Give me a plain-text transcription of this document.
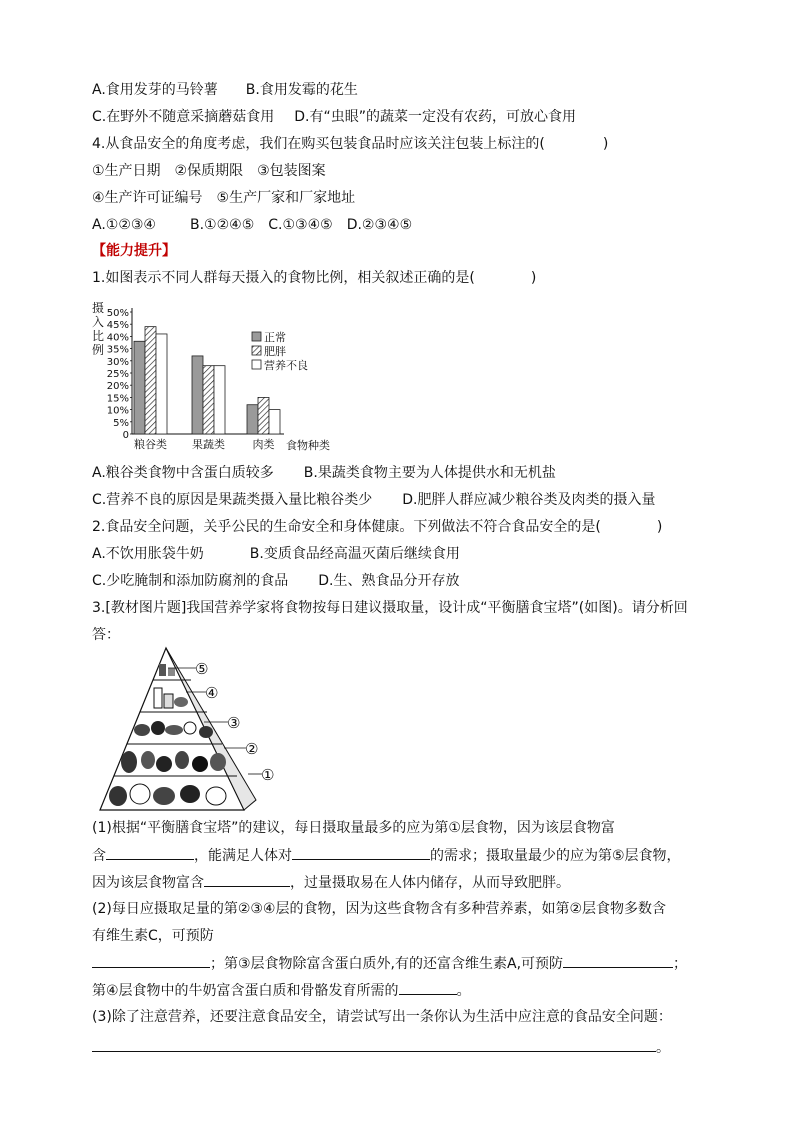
A.食用发芽的马铃薯 B.食用发霉的花生
C.在野外不随意采摘蘑菇食用 D.有“虫眼”的蔬菜一定没有农药，可放心食用
4.从食品安全的角度考虑，我们在购买包装食品时应该关注包装上标注的(	)
①生产日期　②保质期限　③包装图案
④生产许可证编号　⑤生产厂家和厂家地址
A.①②③④ B.①②④⑤ C.①③④⑤ D.②③④⑤
【能力提升】
1.如图表示不同人群每天摄入的食物比例，相关叙述正确的是(	)
摄
入
比
例
0
5%
10%
15%
20%
25%
30%
35%
40%
45%
50%
粮谷类 果蔬类	肉类
正常
肥胖
营养不良
食物种类
A.粮谷类食物中含蛋白质较多 B.果蔬类食物主要为人体提供水和无机盐
C.营养不良的原因是果蔬类摄入量比粮谷类少 D.肥胖人群应减少粮谷类及肉类的摄入量
2.食品安全问题，关乎公民的生命安全和身体健康。下列做法不符合食品安全的是(	)
A.不饮用胀袋牛奶	B.变质食品经高温灭菌后继续食用
C.少吃腌制和添加防腐剂的食品 D.生、熟食品分开存放
3.[教材图片题]我国营养学家将食物按每日建议摄取量，设计成“平衡膳食宝塔”(如图)。请分析回
答：
⑤
④
③
②
①
(1)根据“平衡膳食宝塔”的建议，每日摄取量最多的应为第①层食物，因为该层食物富
含	，能满足人体对	的需求；摄取量最少的应为第⑤层食物，
因为该层食物富含	，过量摄取易在人体内储存，从而导致肥胖。
(2)每日应摄取足量的第②③④层的食物，因为这些食物含有多种营养素，如第②层食物多数含
有维生素C，可预防
；第③层食物除富含蛋白质外,有的还富含维生素A,可预防	；
第④层食物中的牛奶富含蛋白质和骨骼发育所需的	。
(3)除了注意营养，还要注意食品安全，请尝试写出一条你认为生活中应注意的食品安全问题：
。
